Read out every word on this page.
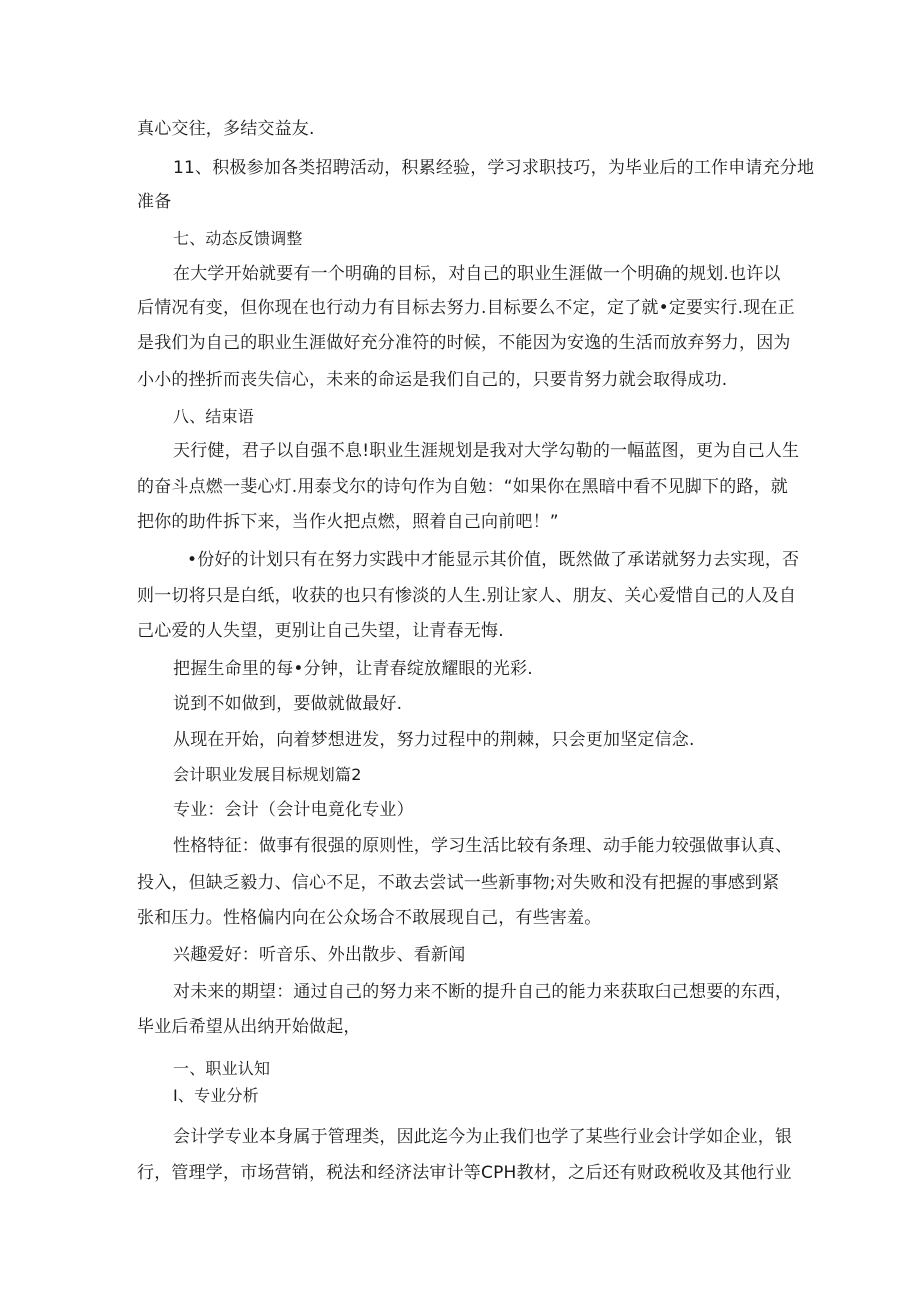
真心交往，多结交益友.
11、积极参加各类招聘活动，积累经验，学习求职技巧，为毕业后的工作申请充分地
准备
七、动态反馈调整
在大学开始就要有一个明确的目标，对自己的职业生涯做一个明确的规划.也许以
后情况有变，但你现在也行动力有目标去努力.目标要么不定，定了就•定要实行.现在正
是我们为自己的职业生涯做好充分准符的时候，不能因为安逸的生活而放弃努力，因为
小小的挫折而丧失信心，未来的命运是我们自己的，只要肯努力就会取得成功.
八、结束语
天行健，君子以自强不息!职业生涯规划是我对大学勾勒的一幅蓝图，更为自己人生
的奋斗点燃一斐心灯.用泰戈尔的诗句作为自勉：“如果你在黑暗中看不见脚下的路，就
把你的助件拆下来，当作火把点燃，照着自己向前吧！”
•份好的计划只有在努力实践中才能显示其价值，既然做了承诺就努力去实现，否
则一切将只是白纸，收获的也只有惨淡的人生.别让家人、朋友、关心爱惜自己的人及自
己心爱的人失望，更别让自己失望，让青春无悔.
把握生命里的每•分钟，让青春绽放耀眼的光彩.
说到不如做到，要做就做最好.
从现在开始，向着梦想进发，努力过程中的荆棘，只会更加坚定信念.
会计职业发展目标规划篇2
专业：会计（会计电竟化专业）
性格特征：做事有很强的原则性，学习生活比较有条理、动手能力较强做事认真、
投入，但缺乏毅力、信心不足，不敢去尝试一些新事物;对失败和没有把握的事感到紧
张和压力。性格偏内向在公众场合不敢展现自己，有些害羞。
兴趣爱好：听音乐、外出散步、看新闻
对未来的期望：通过自己的努力来不断的提升自己的能力来获取臼己想要的东西，
毕业后希望从出纳开始做起，
一、职业认知
I、专业分析
会计学专业本身属于管理类，因此迄今为止我们也学了某些行业会计学如企业，银
行，管理学，市场营销，税法和经济法审计等CPH教材，之后还有财政税收及其他行业
